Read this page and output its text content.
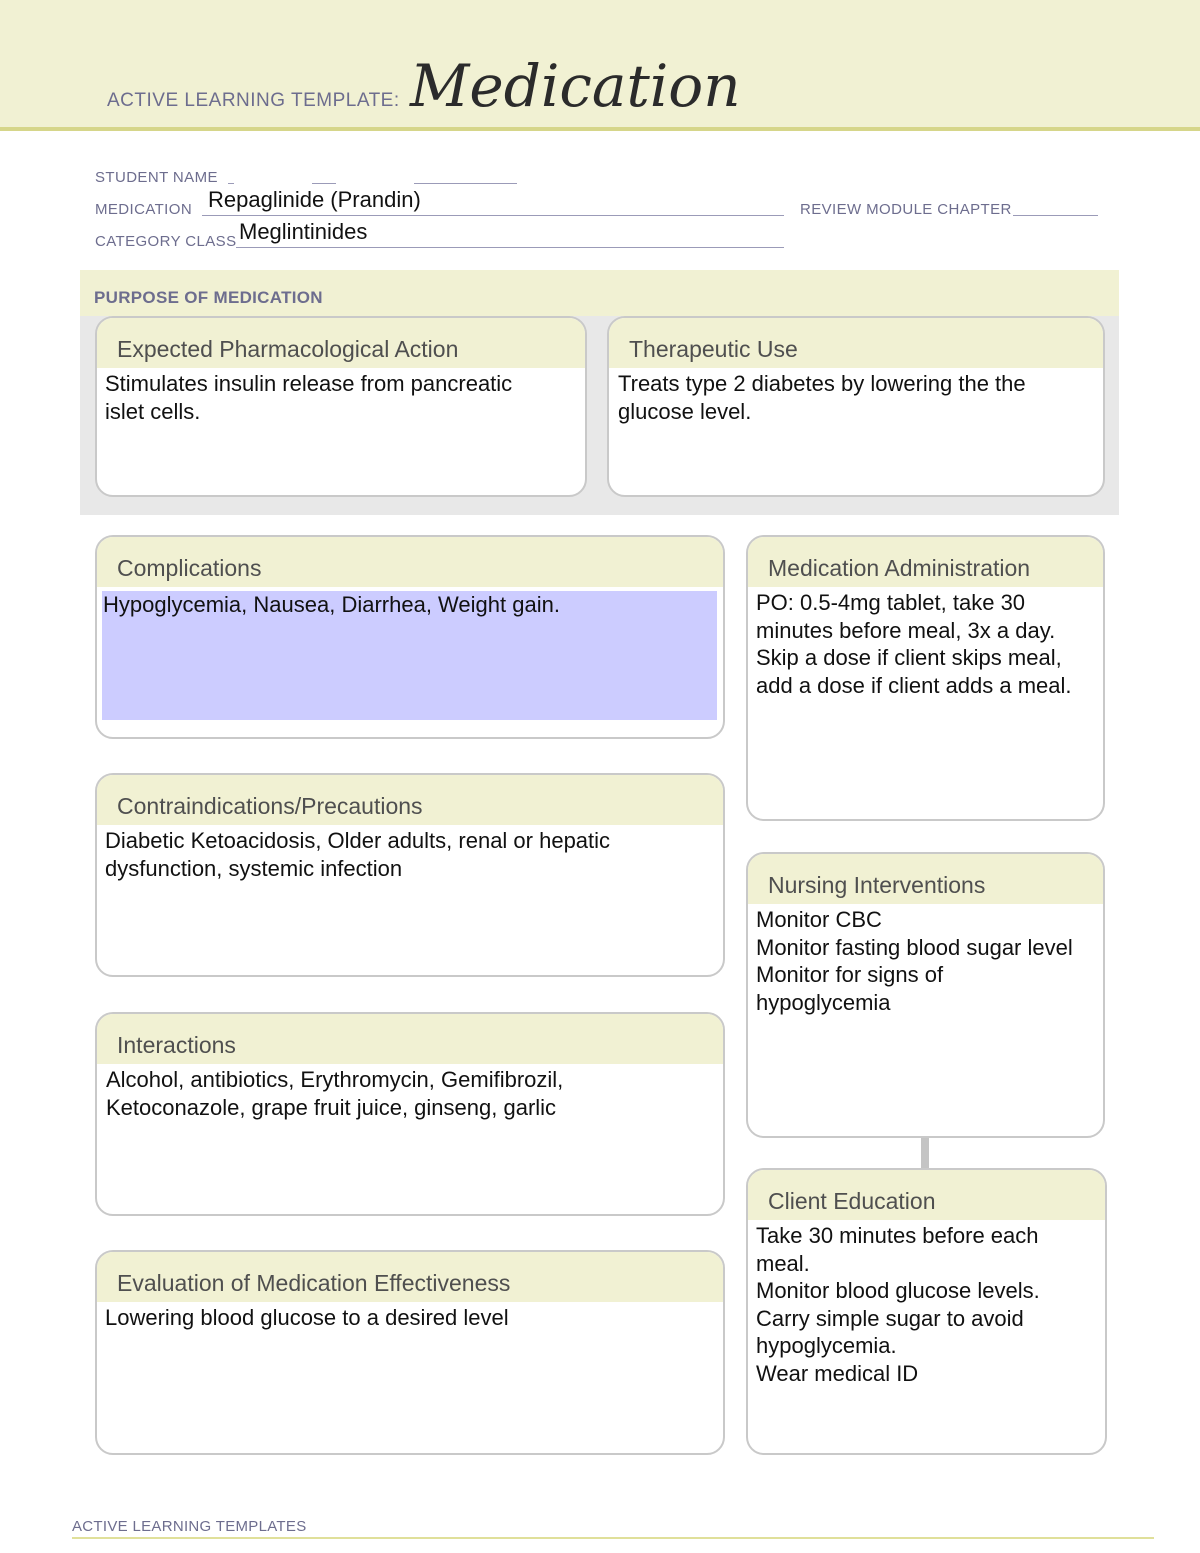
ACTIVE LEARNING TEMPLATE: Medication
STUDENT NAME
MEDICATION Repaglinide (Prandin)	REVIEW MODULE CHAPTER
CATEGORY CLASS Meglintinides
PURPOSE OF MEDICATION
Expected Pharmacological Action
Stimulates insulin release from pancreatic
islet cells.
Therapeutic Use
Treats type 2 diabetes by lowering the the
glucose level.
Complications
Hypoglycemia, Nausea, Diarrhea, Weight gain.
Medication Administration
PO: 0.5-4mg tablet, take 30
minutes before meal, 3x a day.
Skip a dose if client skips meal,
add a dose if client adds a meal.
Contraindications/Precautions
Diabetic Ketoacidosis, Older adults, renal or hepatic
dysfunction, systemic infection
Nursing Interventions
Monitor CBC
Monitor fasting blood sugar level
Monitor for signs of
hypoglycemia
Interactions
Alcohol, antibiotics, Erythromycin, Gemifibrozil,
Ketoconazole, grape fruit juice, ginseng, garlic
Client Education
Take 30 minutes before each
meal.
Monitor blood glucose levels.
Carry simple sugar to avoid
hypoglycemia.
Wear medical ID
Evaluation of Medication Effectiveness
Lowering blood glucose to a desired level
ACTIVE LEARNING TEMPLATES
